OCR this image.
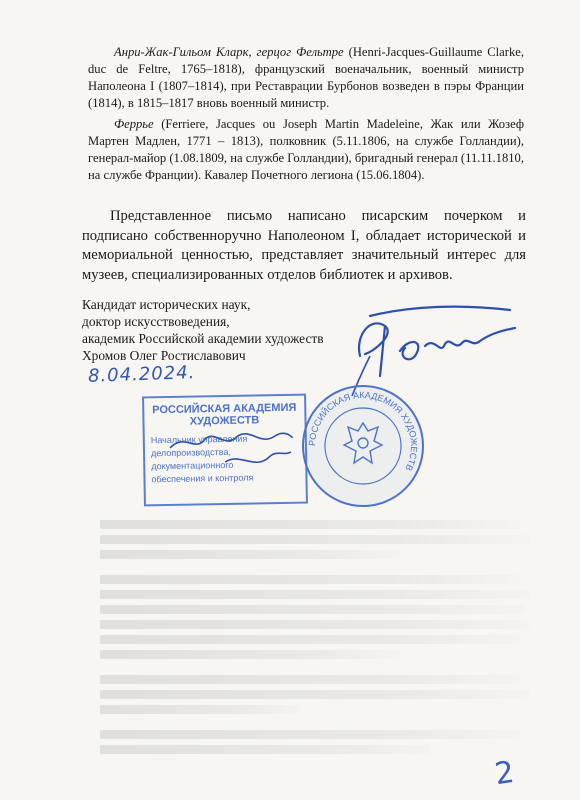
Анри-Жак-Гильом Кларк, герцог Фельтре (Henri-Jacques-Guillaume Clarke, duc de Feltre, 1765–1818), французский военачальник, военный министр Наполеона I (1807–1814), при Реставрации Бурбонов возведен в пэры Франции (1814), в 1815–1817 вновь военный министр.

Феррье (Ferriere, Jacques ou Joseph Martin Madeleine, Жак или Жозеф Мартен Мадлен, 1771 – 1813), полковник (5.11.1806, на службе Голландии), генерал-майор (1.08.1809, на службе Голландии), бригадный генерал (11.11.1810, на службе Франции). Кавалер Почетного легиона (15.06.1804).

Представленное письмо написано писарским почерком и подписано собственноручно Наполеоном I, обладает исторической и мемориальной ценностью, представляет значительный интерес для музеев, специализированных отделов библиотек и архивов.

Кандидат исторических наук,
доктор искусствоведения,
академик Российской академии художеств
Хромов Олег Ростиславович
8.04.2024.
РОССИЙСКАЯ АКАДЕМИЯ
ХУДОЖЕСТВ
Начальник управления
делопроизводства,
документационного
обеспечения и контроля
РОССИЙСКАЯ АКАДЕМИЯ ХУДОЖЕСТВ
2
